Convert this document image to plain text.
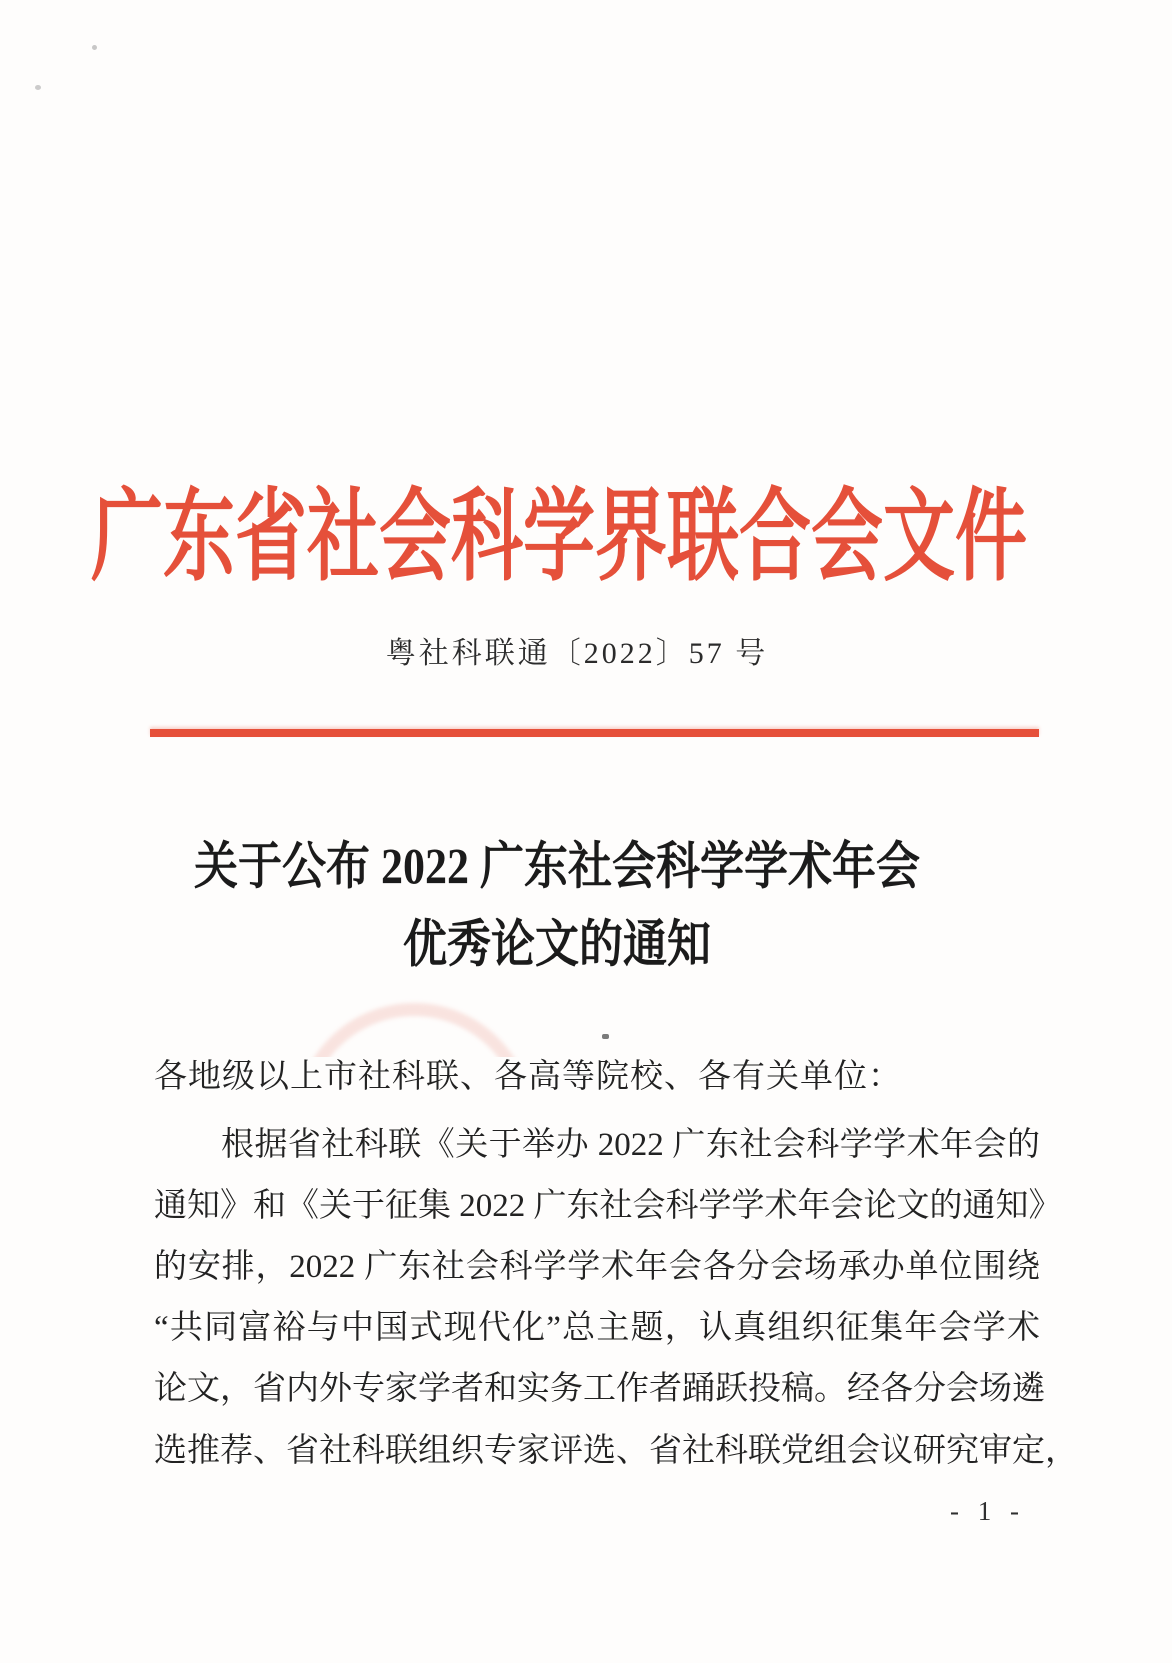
广东省社会科学界联合会文件
粤社科联通〔2022〕57 号
关于公布 2022 广东社会科学学术年会
优秀论文的通知
各地级以上市社科联、各高等院校、各有关单位：
根据省社科联《关于举办 2022 广东社会科学学术年会的
通知》和《关于征集 2022 广东社会科学学术年会论文的通知》
的安排，2022 广东社会科学学术年会各分会场承办单位围绕
“共同富裕与中国式现代化”总主题，认真组织征集年会学术
论文，省内外专家学者和实务工作者踊跃投稿。经各分会场遴
选推荐、省社科联组织专家评选、省社科联党组会议研究审定，
- 1 -
